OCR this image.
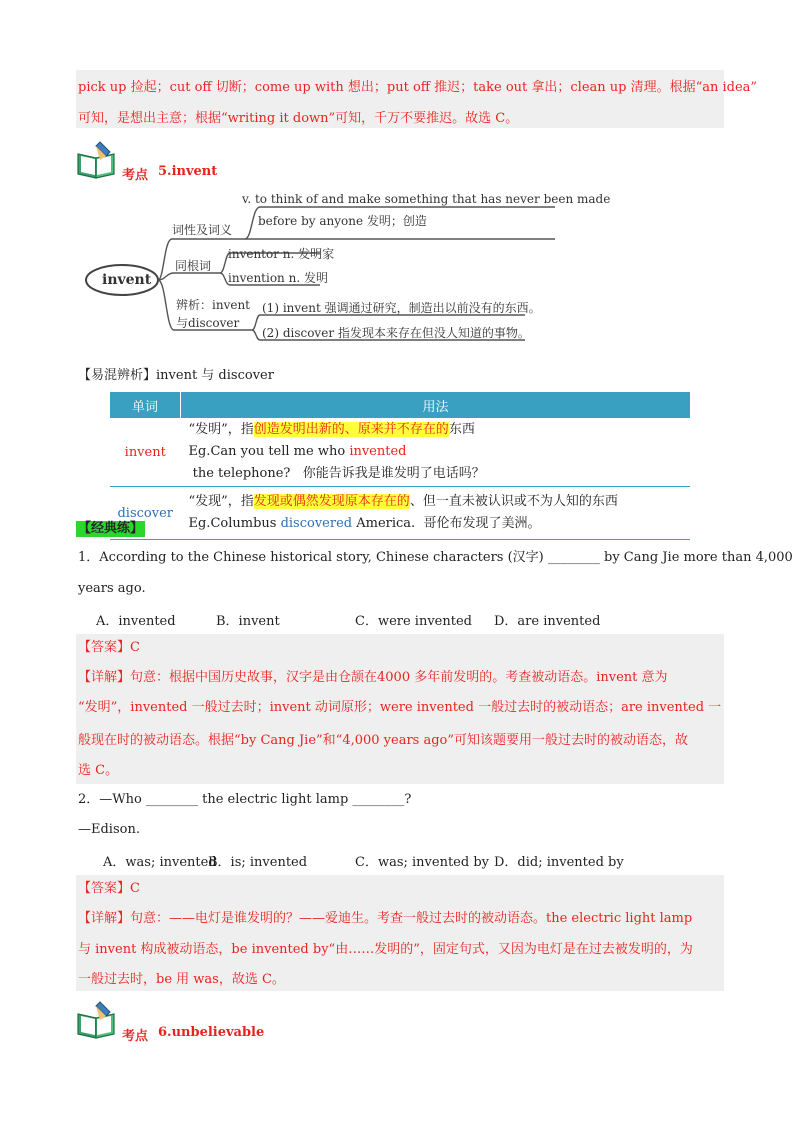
pick up 捡起；cut off 切断；come up with 想出；put off 推迟；take out 拿出；clean up 清理。根据“an idea”
可知，是想出主意；根据“writing it down”可知，千万不要推迟。故选 C。
考点 5.invent
invent
词性及词义
v. to think of and make something that has never been made
before by anyone 发明；创造
同根词
inventor n. 发明家
invention n. 发明
辨析：invent
与discover
(1) invent 强调通过研究，制造出以前没有的东西。
(2) discover 指发现本来存在但没人知道的事物。
【易混辨析】invent 与 discover
单词	用法
invent	“发明”，指创造发明出新的、原来并不存在的东西
Eg.Can you tell me who invented the telephone?   你能告诉我是谁发明了电话吗？

discover	“发现”，指发现或偶然发现原本存在的、但一直未被认识或不为人知的东西
Eg.Columbus discovered America.  哥伦布发现了美洲。
【经典练】
1．According to the Chinese historical story, Chinese characters (汉字) ________ by Cang Jie more than 4,000
years ago.
A．invented	B．invent	C．were invented D．are invented
【答案】C
【详解】句意：根据中国历史故事，汉字是由仓颉在4000 多年前发明的。考查被动语态。invent 意为
“发明”，invented 一般过去时；invent 动词原形；were invented 一般过去时的被动语态；are invented 一
般现在时的被动语态。根据“by Cang Jie”和“4,000 years ago”可知该题要用一般过去时的被动语态，故
选 C。
2．—Who ________ the electric light lamp ________?
—Edison.
A．was; invented
B．is; invented	C．was; invented by D．did; invented by
【答案】C
【详解】句意：——电灯是谁发明的？——爱迪生。考查一般过去时的被动语态。the electric light lamp
与 invent 构成被动语态，be invented by“由……发明的”，固定句式，又因为电灯是在过去被发明的，为
一般过去时，be 用 was，故选 C。
考点 6.unbelievable
